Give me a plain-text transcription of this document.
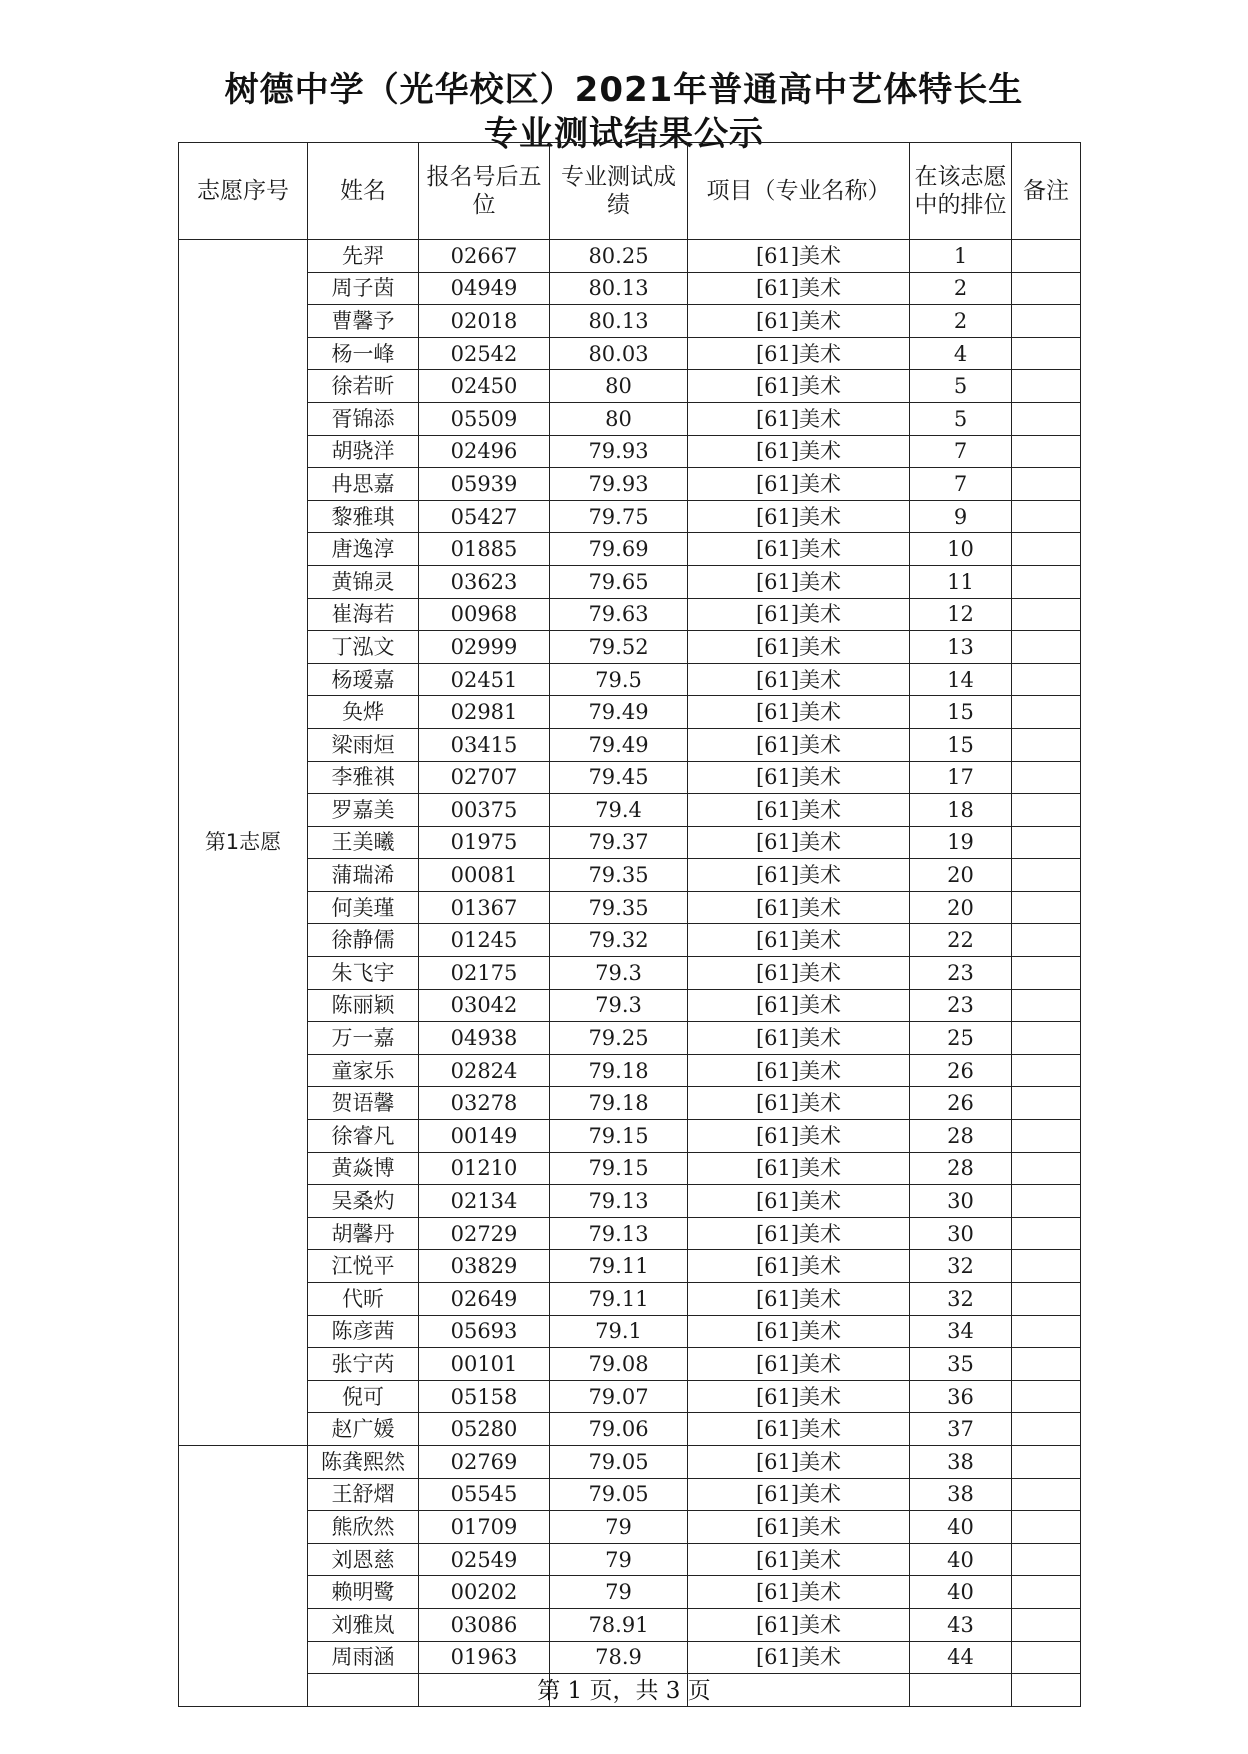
树德中学（光华校区）2021年普通高中艺体特长生
专业测试结果公示
志愿序号	姓名	报名号后五位	专业测试成绩	项目（专业名称）	在该志愿中的排位	备注
第1志愿	先羿	02667	80.25	[61]美术	1	
	周子茵	04949	80.13	[61]美术	2	
	曹馨予	02018	80.13	[61]美术	2	
	杨一峰	02542	80.03	[61]美术	4	
	徐若昕	02450	80	[61]美术	5	
	胥锦添	05509	80	[61]美术	5	
	胡骁洋	02496	79.93	[61]美术	7	
	冉思嘉	05939	79.93	[61]美术	7	
	黎雅琪	05427	79.75	[61]美术	9	
	唐逸淳	01885	79.69	[61]美术	10	
	黄锦灵	03623	79.65	[61]美术	11	
	崔海若	00968	79.63	[61]美术	12	
	丁泓文	02999	79.52	[61]美术	13	
	杨瑷嘉	02451	79.5	[61]美术	14	
	奂烨	02981	79.49	[61]美术	15	
	梁雨烜	03415	79.49	[61]美术	15	
	李雅祺	02707	79.45	[61]美术	17	
	罗嘉美	00375	79.4	[61]美术	18	
	王美曦	01975	79.37	[61]美术	19	
	蒲瑞浠	00081	79.35	[61]美术	20	
	何美瑾	01367	79.35	[61]美术	20	
	徐静儒	01245	79.32	[61]美术	22	
	朱飞宇	02175	79.3	[61]美术	23	
	陈丽颖	03042	79.3	[61]美术	23	
	万一嘉	04938	79.25	[61]美术	25	
	童家乐	02824	79.18	[61]美术	26	
	贺语馨	03278	79.18	[61]美术	26	
	徐睿凡	00149	79.15	[61]美术	28	
	黄焱博	01210	79.15	[61]美术	28	
	吴桑灼	02134	79.13	[61]美术	30	
	胡馨丹	02729	79.13	[61]美术	30	
	江悦平	03829	79.11	[61]美术	32	
	代昕	02649	79.11	[61]美术	32	
	陈彦茜	05693	79.1	[61]美术	34	
	张宁芮	00101	79.08	[61]美术	35	
	倪可	05158	79.07	[61]美术	36	
	赵广媛	05280	79.06	[61]美术	37	
	陈龚熙然	02769	79.05	[61]美术	38	
	王舒熠	05545	79.05	[61]美术	38	
	熊欣然	01709	79	[61]美术	40	
	刘恩慈	02549	79	[61]美术	40	
	赖明鹭	00202	79	[61]美术	40	
	刘雅岚	03086	78.91	[61]美术	43	
	周雨涵	01963	78.9	[61]美术	44	

第 1 页，共 3 页
